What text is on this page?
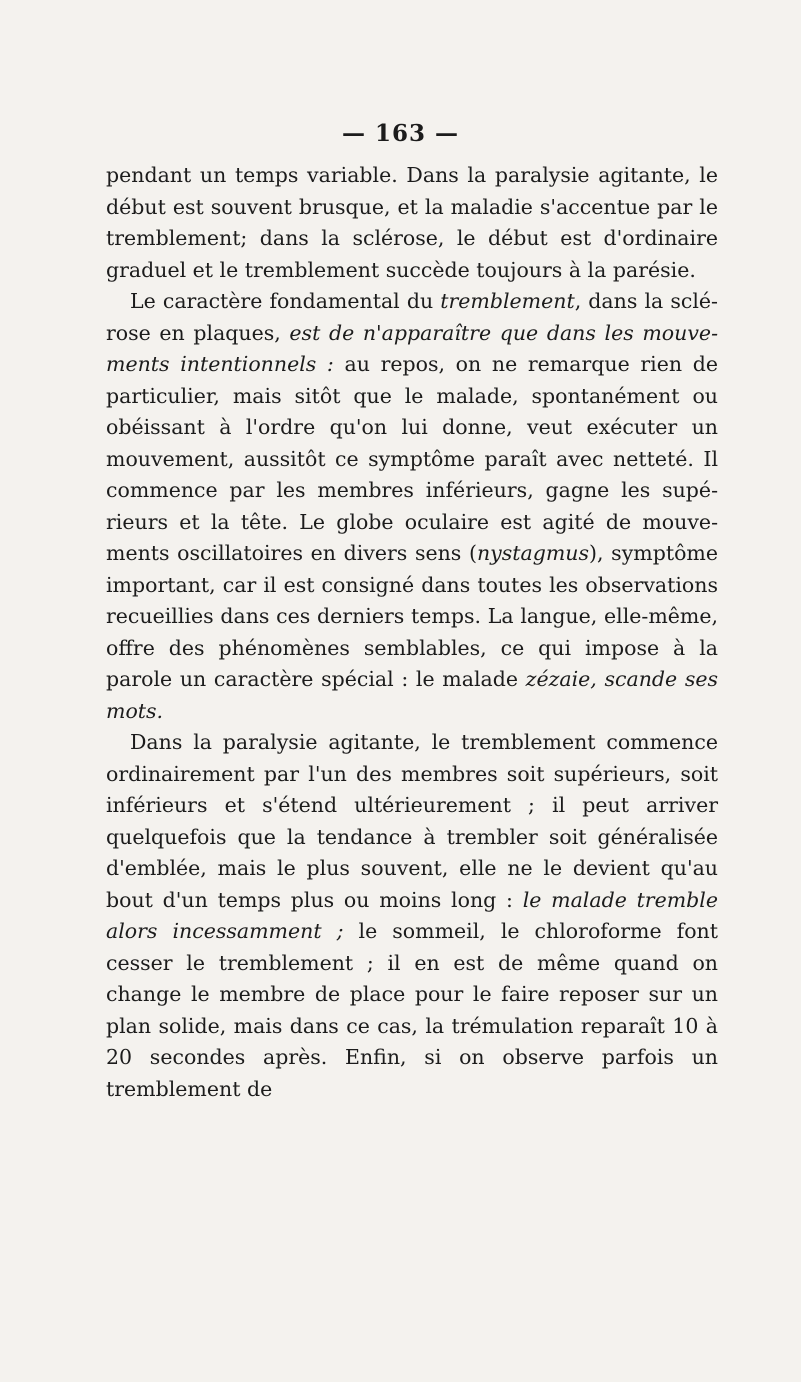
— 163 —

pendant un temps variable. Dans la paralysie agitante, le début est souvent brusque, et la maladie s'accentue par le tremblement; dans la sclérose, le début est d'ordinaire graduel et le tremblement succède toujours à la parésie.

Le caractère fondamental du tremblement, dans la sclérose en plaques, est de n'apparaître que dans les mouvements intentionnels : au repos, on ne remarque rien de particulier, mais sitôt que le malade, spontanément ou obéissant à l'ordre qu'on lui donne, veut exécuter un mouvement, aussitôt ce symptôme paraît avec netteté. Il commence par les membres inférieurs, gagne les supérieurs et la tête. Le globe oculaire est agité de mouvements oscillatoires en divers sens (nystagmus), symptôme important, car il est consigné dans toutes les observations recueillies dans ces derniers temps. La langue, elle-même, offre des phénomènes semblables, ce qui impose à la parole un caractère spécial : le malade zézaie, scande ses mots.

Dans la paralysie agitante, le tremblement commence ordinairement par l'un des membres soit supérieurs, soit inférieurs et s'étend ultérieurement ; il peut arriver quelquefois que la tendance à trembler soit généralisée d'emblée, mais le plus souvent, elle ne le devient qu'au bout d'un temps plus ou moins long : le malade tremble alors incessamment ; le sommeil, le chloroforme font cesser le tremblement ; il en est de même quand on change le membre de place pour le faire reposer sur un plan solide, mais dans ce cas, la trémulation reparaît 10 à 20 secondes après. Enfin, si on observe parfois un tremblement de
